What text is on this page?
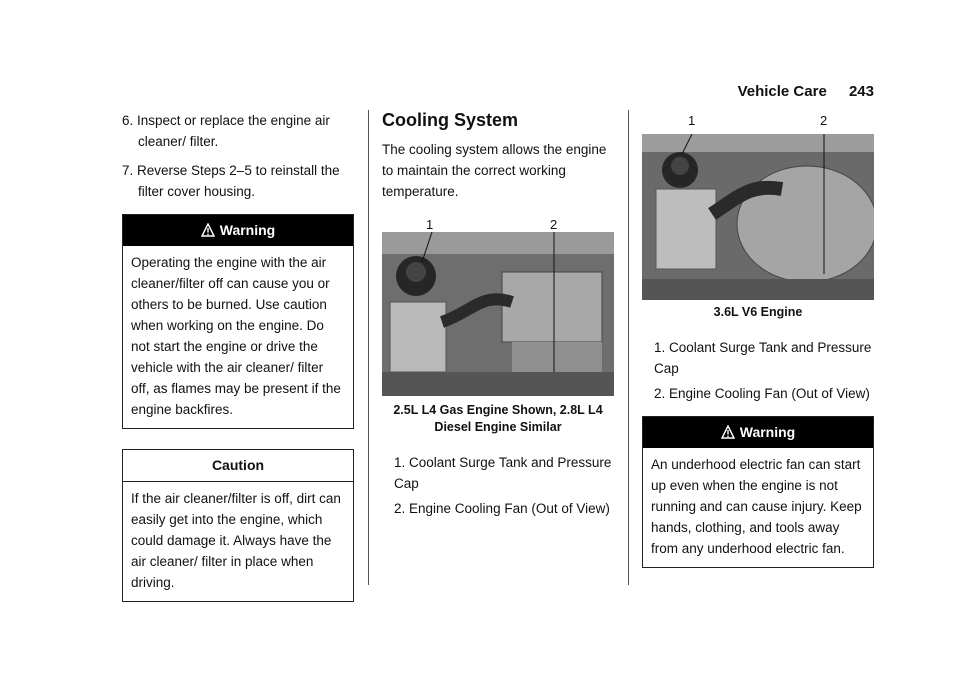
Vehicle Care 243

6. Inspect or replace the engine air cleaner/ filter.

7. Reverse Steps 2–5 to reinstall the filter cover housing.

Warning
Operating the engine with the air cleaner/filter off can cause you or others to be burned. Use caution when working on the engine. Do not start the engine or drive the vehicle with the air cleaner/ filter off, as flames may be present if the engine backfires.
Caution
If the air cleaner/filter is off, dirt can easily get into the engine, which could damage it. Always have the air cleaner/ filter in place when driving.
Cooling System

The cooling system allows the engine to maintain the correct working temperature.

1	2
2.5L L4 Gas Engine Shown, 2.8L L4 Diesel Engine Similar
1. Coolant Surge Tank and Pressure Cap
2. Engine Cooling Fan (Out of View)
1	2
3.6L V6 Engine
1. Coolant Surge Tank and Pressure Cap
2. Engine Cooling Fan (Out of View)
Warning
An underhood electric fan can start up even when the engine is not running and can cause injury. Keep hands, clothing, and tools away from any underhood electric fan.
